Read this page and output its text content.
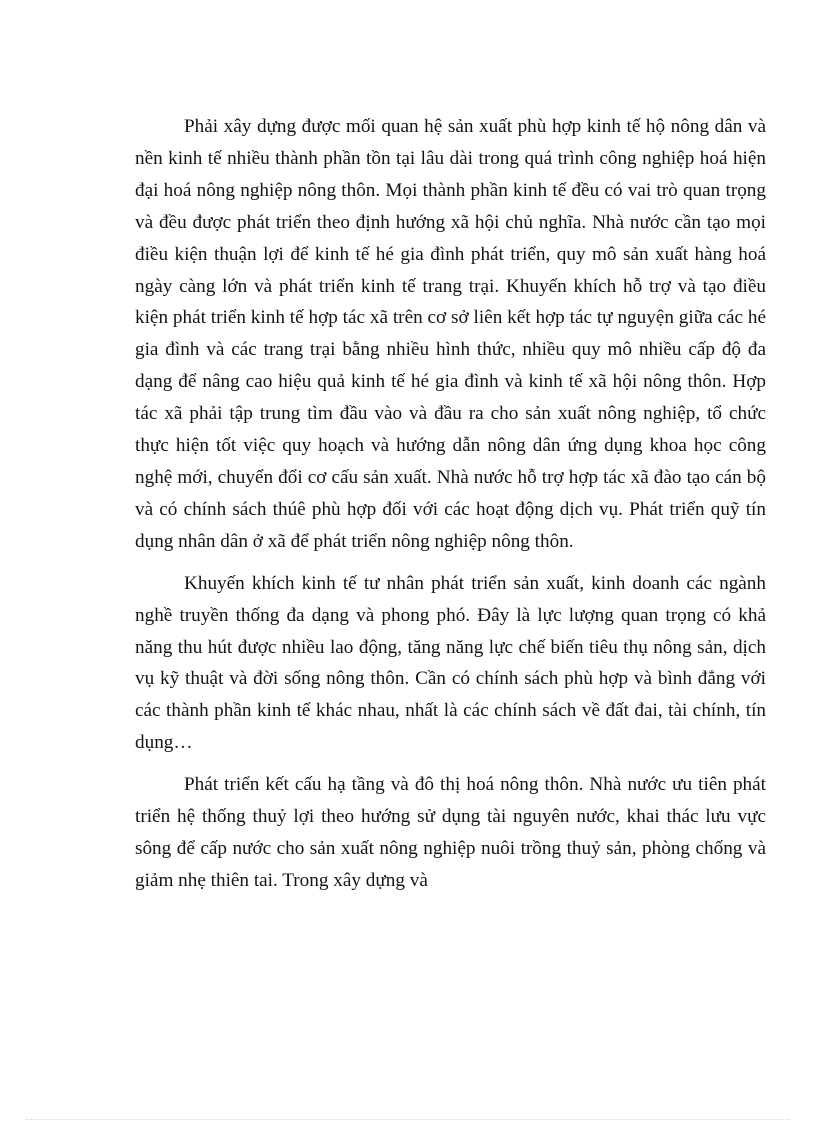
Phải xây dựng được mối quan hệ sản xuất phù hợp kinh tế hộ nông dân và nền kinh tế nhiều thành phần tồn tại lâu dài trong quá trình công nghiệp hoá hiện đại hoá nông nghiệp nông thôn. Mọi thành phần kinh tế đều có vai trò quan trọng và đều được phát triển theo định hướng xã hội chủ nghĩa. Nhà nước cần tạo mọi điều kiện thuận lợi để kinh tế hé gia đình phát triển, quy mô sản xuất hàng hoá ngày càng lớn và phát triển kinh tế trang trại. Khuyến khích hỗ trợ và tạo điều kiện phát triển kinh tế hợp tác xã trên cơ sở liên kết hợp tác tự nguyện giữa các hé gia đình và các trang trại bằng nhiều hình thức, nhiều quy mô nhiều cấp độ đa dạng để nâng cao hiệu quả kinh tế hé gia đình và kinh tế xã hội nông thôn. Hợp tác xã phải tập trung tìm đầu vào và đầu ra cho sản xuất nông nghiệp, tổ chức thực hiện tốt việc quy hoạch và hướng dẫn nông dân ứng dụng khoa học công nghệ mới, chuyển đổi cơ cấu sản xuất. Nhà nước hỗ trợ hợp tác xã đào tạo cán bộ và có chính sách thúê phù hợp đối với các hoạt động dịch vụ. Phát triển quỹ tín dụng nhân dân ở xã để phát triển nông nghiệp nông thôn.

Khuyến khích kinh tế tư nhân phát triển sản xuất, kinh doanh các ngành nghề truyền thống đa dạng và phong phó. Đây là lực lượng quan trọng có khả năng thu hút được nhiều lao động, tăng năng lực chế biến tiêu thụ nông sản, dịch vụ kỹ thuật và đời sống nông thôn. Cần có chính sách phù hợp và bình đẳng với các thành phần kinh tế khác nhau, nhất là các chính sách về đất đai, tài chính, tín dụng…

Phát triển kết cấu hạ tầng và đô thị hoá nông thôn. Nhà nước ưu tiên phát triển hệ thống thuỷ lợi theo hướng sử dụng tài nguyên nước, khai thác lưu vực sông để cấp nước cho sản xuất nông nghiệp nuôi trồng thuỷ sản, phòng chống và giảm nhẹ thiên tai. Trong xây dựng và
